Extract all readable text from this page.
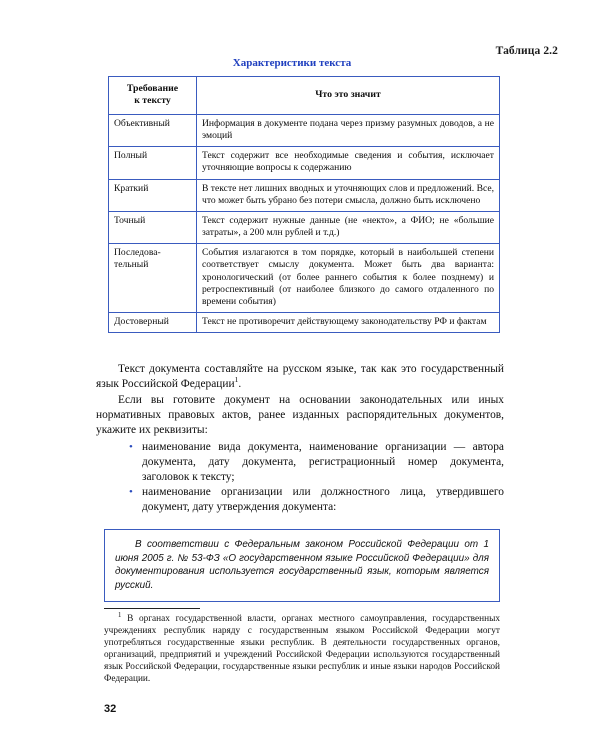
Таблица 2.2
Характеристики текста
Требование
к тексту	Что это значит
Объективный	Информация в документе подана через призму разумных доводов, а не эмоций
Полный	Текст содержит все необходимые сведения и события, исключает уточняющие вопросы к содержанию
Краткий	В тексте нет лишних вводных и уточняющих слов и предложений. Все, что может быть убрано без потери смысла, должно быть исключено
Точный	Текст содержит нужные данные (не «некто», а ФИО; не «большие затраты», а 200 млн рублей и т.д.)
Последова-тельный	События излагаются в том порядке, который в наибольшей степени соответствует смыслу документа. Может быть два варианта: хронологический (от более раннего события к более позднему) и ретроспективный (от наиболее близкого до самого отдаленного по времени события)
Достоверный	Текст не противоречит действующему законодательству РФ и фактам

Текст документа составляйте на русском языке, так как это государственный язык Российской Федерации$^1$.

Если вы готовите документ на основании законодательных или иных нормативных правовых актов, ранее изданных распорядительных документов, укажите их реквизиты:

• наименование вида документа, наименование организации — автора документа, дату документа, регистрационный номер документа, заголовок к тексту;
• наименование организации или должностного лица, утвердившего документ, дату утверждения документа:

В соответствии с Федеральным законом Российской Федерации от 1 июня 2005 г. № 53-ФЗ «О государственном языке Российской Федерации» для документирования используется государственный язык, которым является русский.

$^1$ В органах государственной власти, органах местного самоуправления, государственных учреждениях республик наряду с государственным языком Российской Федерации могут употребляться государственные языки республик. В деятельности государственных органов, организаций, предприятий и учреждений Российской Федерации используются государственный язык Российской Федерации, государственные языки республик и иные языки народов Российской Федерации.
32
